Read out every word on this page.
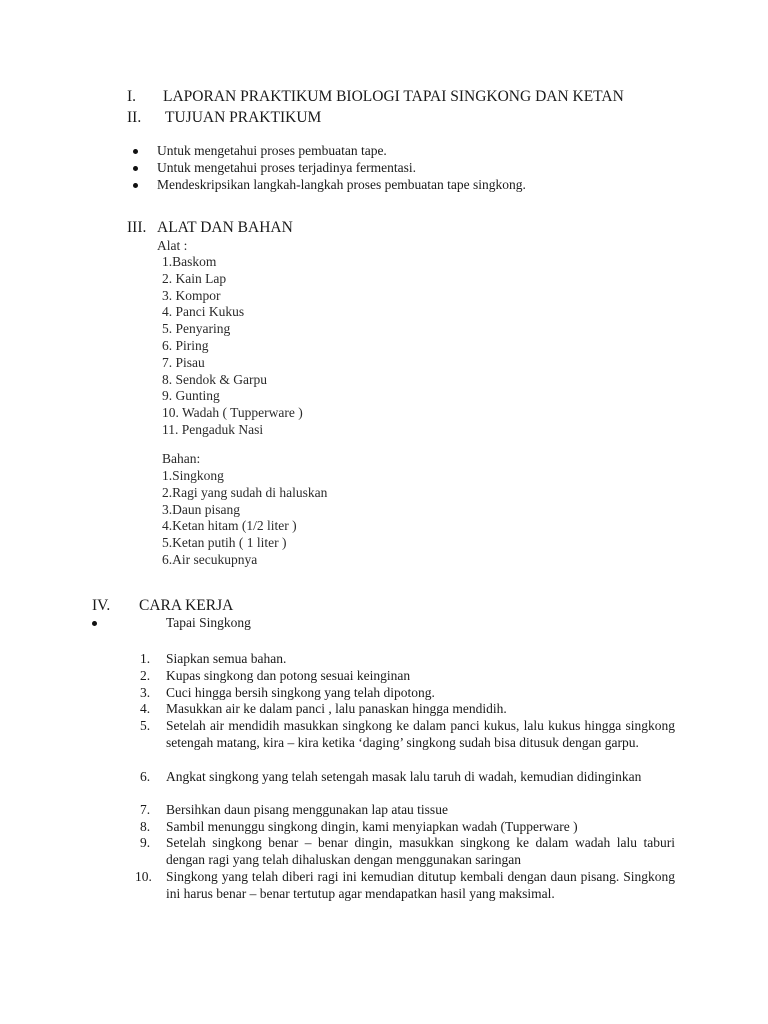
I. LAPORAN PRAKTIKUM BIOLOGI TAPAI SINGKONG DAN KETAN
II. TUJUAN PRAKTIKUM
Untuk mengetahui proses pembuatan tape.
Untuk mengetahui proses terjadinya fermentasi.
Mendeskripsikan langkah-langkah proses pembuatan tape singkong.
III. ALAT DAN BAHAN
Alat :
1.Baskom
2. Kain Lap
3. Kompor
4. Panci Kukus
5. Penyaring
6. Piring
7. Pisau
8. Sendok & Garpu
9. Gunting
10. Wadah ( Tupperware )
11. Pengaduk Nasi
Bahan:
1.Singkong
2.Ragi yang sudah di haluskan
3.Daun pisang
4.Ketan hitam (1/2 liter )
5.Ketan putih ( 1 liter )
6.Air secukupnya
IV. CARA KERJA
Tapai Singkong
1.	Siapkan semua bahan.
2.	Kupas singkong dan potong sesuai keinginan
3.	Cuci hingga bersih singkong yang telah dipotong.
4.	Masukkan air ke dalam panci , lalu panaskan hingga mendidih.
5.	Setelah air mendidih masukkan singkong ke dalam panci kukus, lalu kukus hingga singkong setengah matang, kira – kira ketika ‘daging’ singkong sudah bisa ditusuk dengan garpu.
6.	Angkat singkong yang telah setengah masak lalu taruh di wadah, kemudian didinginkan
7.	Bersihkan daun pisang menggunakan lap atau tissue
8.	Sambil menunggu singkong dingin, kami menyiapkan wadah (Tupperware )
9.	Setelah singkong benar – benar dingin, masukkan singkong ke dalam wadah lalu taburi dengan ragi yang telah dihaluskan dengan menggunakan saringan
10.	Singkong yang telah diberi ragi ini kemudian ditutup kembali dengan daun pisang. Singkong ini harus benar – benar tertutup agar mendapatkan hasil yang maksimal.
